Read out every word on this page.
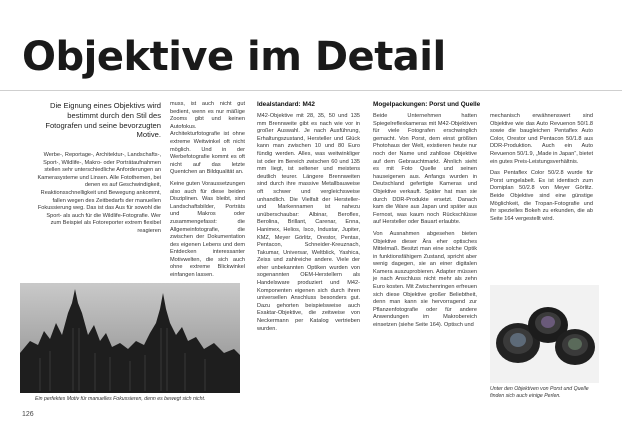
Objektive im Detail
Die Eignung eines Objektivs wird bestimmt durch den Stil des Fotografen und seine bevorzugten Motive.

Werbe-, Reportage-, Architektur-, Landschafts-, Sport-, Wildlife-, Makro- oder Porträtaufnahmen stellen sehr unterschiedliche Anforderungen an Kamerasysteme und Linsen. Alle Fotothemen, bei denen es auf Geschwindigkeit, Reaktionsschnelligkeit und Bewegung ankommt, fallen wegen des Zeitbedarfs der manuellen Fokussierung weg. Das ist das Aus für sowohl die Sport- als auch für die Wildlife-Fotografie. Wer zum Beispiel als Fotoreporter extrem flexibel reagieren

muss, ist auch nicht gut bedient, wenn es nur mäßige Zooms gibt und keinen Autofokus. Architekturfotografie ist ohne extreme Weitwinkel oft nicht möglich. Und in der Werbefotografie kommt es oft nicht auf das letzte Quentchen an Bildqualität an.

Keine guten Voraussetzungen also auch für diese beiden Disziplinen. Was bleibt, sind Landschaftsbilder, Porträts und Makros oder zusammengefasst: die Allgemeinfotografie, die zwischen der Dokumentation des eigenen Lebens und dem Entdecken interessanter Motivwelten, die sich auch ohne extreme Blickwinkel einfangen lassen.

Idealstandard: M42

M42-Objektive mit 28, 35, 50 und 135 mm Brennweite gibt es nach wie vor in großer Auswahl. Je nach Ausführung, Erhaltungszustand, Hersteller und Glück kann man zwischen 10 und 80 Euro fündig werden. Alles, was weitwinkliger ist oder im Bereich zwischen 60 und 135 mm liegt, ist seltener und meistens deutlich teurer. Längere Brennweiten sind durch ihre massive Metallbauweise oft schwer und vergleichsweise unhandlich. Die Vielfalt der Hersteller- und Markennamen ist nahezu unüberschaubar: Albinar, Beroflex, Berolina, Brillant, Carenar, Enna, Hanimex, Helios, Isco, Industar, Jupiter, KMZ, Meyer Görlitz, Orestor, Pentax, Pentacon, Schneider-Kreuznach, Takumar, Universar, Weltblick, Yashica, Zeiss und zahlreiche andere. Viele der eher unbekannten Optiken wurden von sogenannten OEM-Herstellern als Handelsware produziert und M42-Komponenten eigenen sich durch ihren universellen Anschluss besonders gut. Dazu gehorten beispielsweise auch Exaktar-Objektive, die zeitweise von Neckermann per Katalog vertrieben wurden.

Mogelpackungen: Porst und Quelle

Beide Unternehmen hatten Spiegelreflexkameras mit M42-Objektiven für viele Fotografen erschwinglich gemacht. Von Porst, dem einst größten Photohaus der Welt, existieren heute nur noch der Name und zahllose Objektive auf dem Gebrauchtmarkt. Ähnlich sieht es mit Foto Quelle und seinen hauseigenen aus. Anfangs wurden in Deutschland gefertigte Kameras und Objektive verkauft. Später hat man sie durch DDR-Produkte ersetzt. Danach kam die Ware aus Japan und später aus Fernost, was kaum noch Rückschlüsse auf Hersteller oder Bauart erlaubte.

Von Ausnahmen abgesehen bieten Objektive dieser Ära eher optisches Mittelmaß. Besitzt man eine solche Optik in funktionsfähigem Zustand, spricht aber wenig dagegen, sie an einer digitalen Kamera auszuprobieren. Adapter müssen je nach Anschluss nicht mehr als zehn Euro kosten. Mit Zwischenringen erfreuen sich diese Objektive großer Beliebtheit, denn man kann sie hervorragend zur Pflanzenfotografie oder für andere Anwendungen im Makrobereich einsetzen (siehe Seite 164). Optisch und

mechanisch erwähnenswert sind Objektive wie das Auto Revuenon 50/1.8 sowie die baugleichen Pentaflex Auto Color, Orestor und Pentacon 50/1.8 aus DDR-Produktion. Auch ein Auto Revuenon 50/1.9, „Made in Japan“, bietet ein gutes Preis-Leistungsverhältnis.

Das Pentaflex Color 50/2.8 wurde für Porst umgelabelt. Es ist identisch zum Domiplan 50/2.8 von Meyer Görlitz. Beide Objektive sind eine günstige Möglichkeit, die Tropan-Fotografie und ihr spezielles Bokeh zu erkunden, die ab Seite 164 vergestellt wird.

Ein perfektes Motiv für manuelles Fokussieren, denn es bewegt sich nicht.
Unter den Objektiven von Porst und Quelle finden sich auch einige Perlen.
126
